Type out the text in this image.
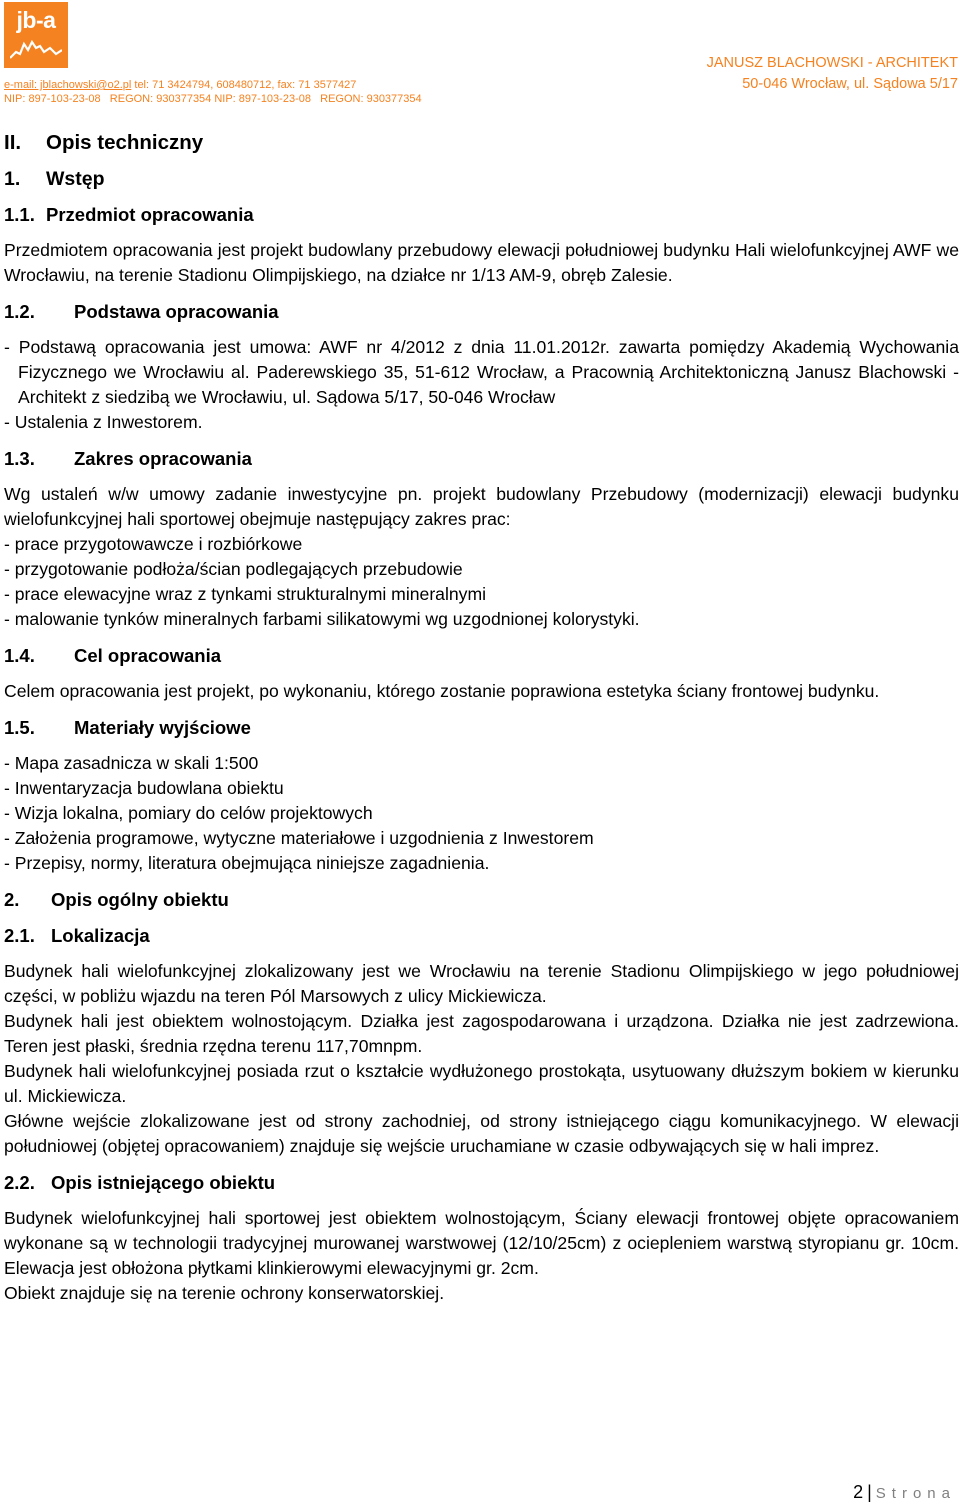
jb-a
e-mail: jblachowski@o2.pl tel: 71 3424794, 608480712, fax: 71 3577427
NIP: 897-103-23-08   REGON: 930377354 NIP: 897-103-23-08   REGON: 930377354
JANUSZ BLACHOWSKI - ARCHITEKT
50-046 Wrocław, ul. Sądowa 5/17
II. Opis techniczny
1. Wstęp
1.1. Przedmiot opracowania

Przedmiotem opracowania jest projekt budowlany przebudowy elewacji południowej budynku Hali wielofunkcyjnej AWF we Wrocławiu, na terenie Stadionu Olimpijskiego, na działce nr 1/13 AM-9, obręb Zalesie.

1.2. Podstawa opracowania

- Podstawą opracowania jest umowa: AWF nr 4/2012 z dnia 11.01.2012r. zawarta pomiędzy Akademią Wychowania Fizycznego we Wrocławiu al. Paderewskiego 35, 51-612 Wrocław, a Pracownią Architektoniczną Janusz Blachowski - Architekt z siedzibą we Wrocławiu, ul. Sądowa 5/17, 50-046 Wrocław

- Ustalenia z Inwestorem.

1.3. Zakres opracowania

Wg ustaleń w/w umowy zadanie inwestycyjne pn. projekt budowlany Przebudowy (modernizacji) elewacji budynku wielofunkcyjnej hali sportowej obejmuje następujący zakres prac:

- prace przygotowawcze i rozbiórkowe

- przygotowanie podłoża/ścian podlegających przebudowie

- prace elewacyjne wraz z tynkami strukturalnymi mineralnymi

- malowanie tynków mineralnych farbami silikatowymi wg uzgodnionej kolorystyki.

1.4. Cel opracowania

Celem opracowania jest projekt, po wykonaniu, którego zostanie poprawiona estetyka ściany frontowej budynku.

1.5. Materiały wyjściowe

- Mapa zasadnicza w skali 1:500

- Inwentaryzacja budowlana obiektu

- Wizja lokalna, pomiary do celów projektowych

- Założenia programowe, wytyczne materiałowe i uzgodnienia z Inwestorem

- Przepisy, normy, literatura obejmująca niniejsze zagadnienia.

2. Opis ogólny obiektu
2.1. Lokalizacja

Budynek hali wielofunkcyjnej zlokalizowany jest we Wrocławiu na terenie Stadionu Olimpijskiego w jego południowej części, w pobliżu wjazdu na teren Pól Marsowych z ulicy Mickiewicza.

Budynek hali jest obiektem wolnostojącym. Działka jest zagospodarowana i urządzona. Działka nie jest zadrzewiona. Teren jest płaski, średnia rzędna terenu 117,70mnpm.

Budynek hali wielofunkcyjnej posiada rzut o kształcie wydłużonego prostokąta, usytuowany dłuższym bokiem w kierunku ul. Mickiewicza.

Główne wejście zlokalizowane jest od strony zachodniej, od strony istniejącego ciągu komunikacyjnego. W elewacji południowej (objętej opracowaniem) znajduje się wejście uruchamiane w czasie odbywających się w hali imprez.

2.2. Opis istniejącego obiektu

Budynek wielofunkcyjnej hali sportowej jest obiektem wolnostojącym, Ściany elewacji frontowej objęte opracowaniem wykonane są w technologii tradycyjnej murowanej warstwowej (12/10/25cm) z ociepleniem warstwą styropianu gr. 10cm. Elewacja jest obłożona płytkami klinkierowymi elewacyjnymi gr. 2cm.

Obiekt znajduje się na terenie ochrony konserwatorskiej.

2 | Strona
